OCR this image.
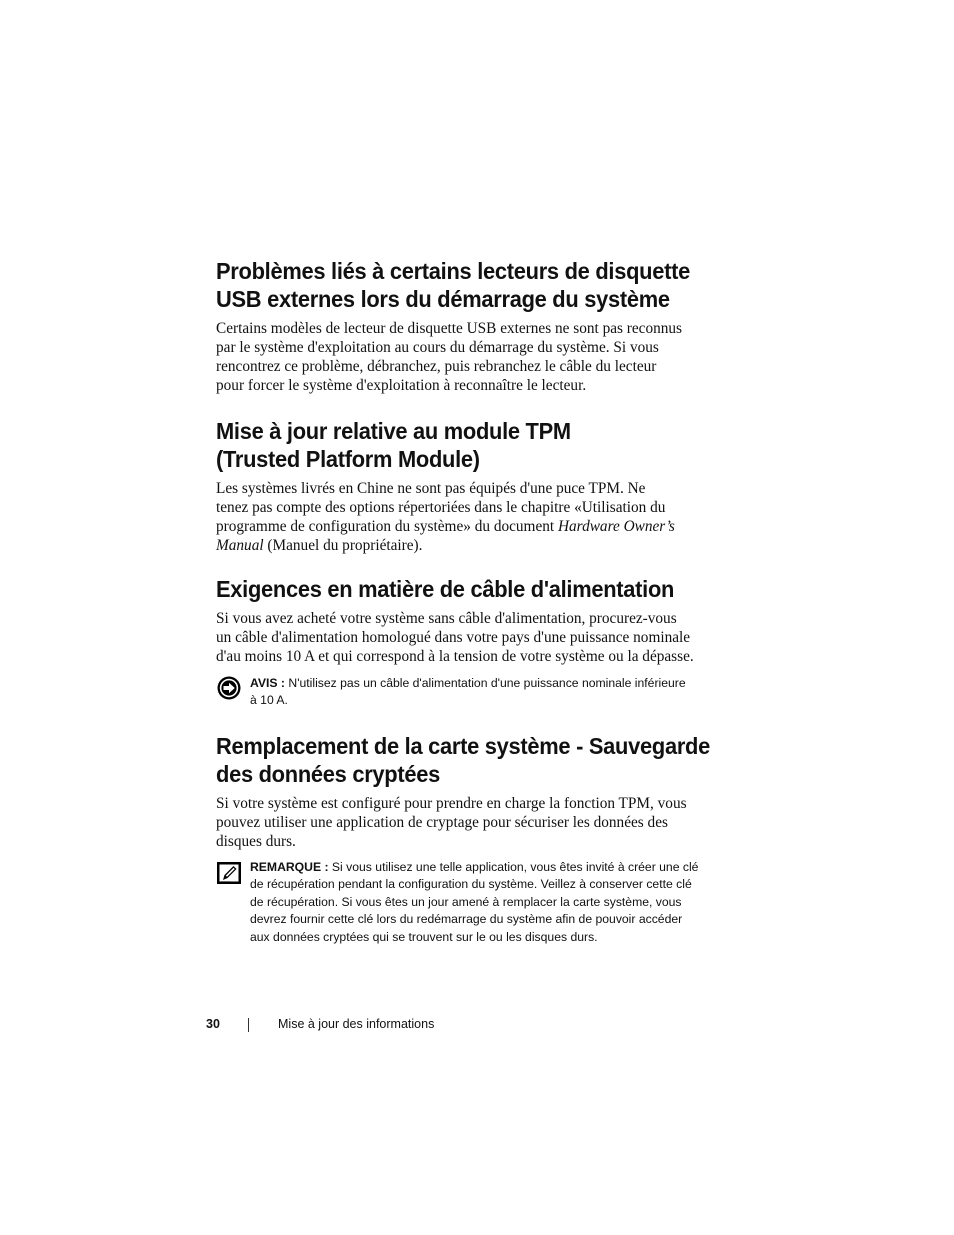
Problèmes liés à certains lecteurs de disquette
USB externes lors du démarrage du système

Certains modèles de lecteur de disquette USB externes ne sont pas reconnus
par le système d'exploitation au cours du démarrage du système. Si vous
rencontrez ce problème, débranchez, puis rebranchez le câble du lecteur
pour forcer le système d'exploitation à reconnaître le lecteur.

Mise à jour relative au module TPM
(Trusted Platform Module)

Les systèmes livrés en Chine ne sont pas équipés d'une puce TPM. Ne
tenez pas compte des options répertoriées dans le chapitre «Utilisation du
programme de configuration du système» du document Hardware Owner’s
Manual (Manuel du propriétaire).

Exigences en matière de câble d'alimentation

Si vous avez acheté votre système sans câble d'alimentation, procurez-vous
un câble d'alimentation homologué dans votre pays d'une puissance nominale
d'au moins 10 A et qui correspond à la tension de votre système ou la dépasse.

AVIS : N'utilisez pas un câble d'alimentation d'une puissance nominale inférieure
à 10 A.
Remplacement de la carte système - Sauvegarde
des données cryptées

Si votre système est configuré pour prendre en charge la fonction TPM, vous
pouvez utiliser une application de cryptage pour sécuriser les données des
disques durs.

REMARQUE : Si vous utilisez une telle application, vous êtes invité à créer une clé
de récupération pendant la configuration du système. Veillez à conserver cette clé
de récupération. Si vous êtes un jour amené à remplacer la carte système, vous
devrez fournir cette clé lors du redémarrage du système afin de pouvoir accéder
aux données cryptées qui se trouvent sur le ou les disques durs.
30	Mise à jour des informations
